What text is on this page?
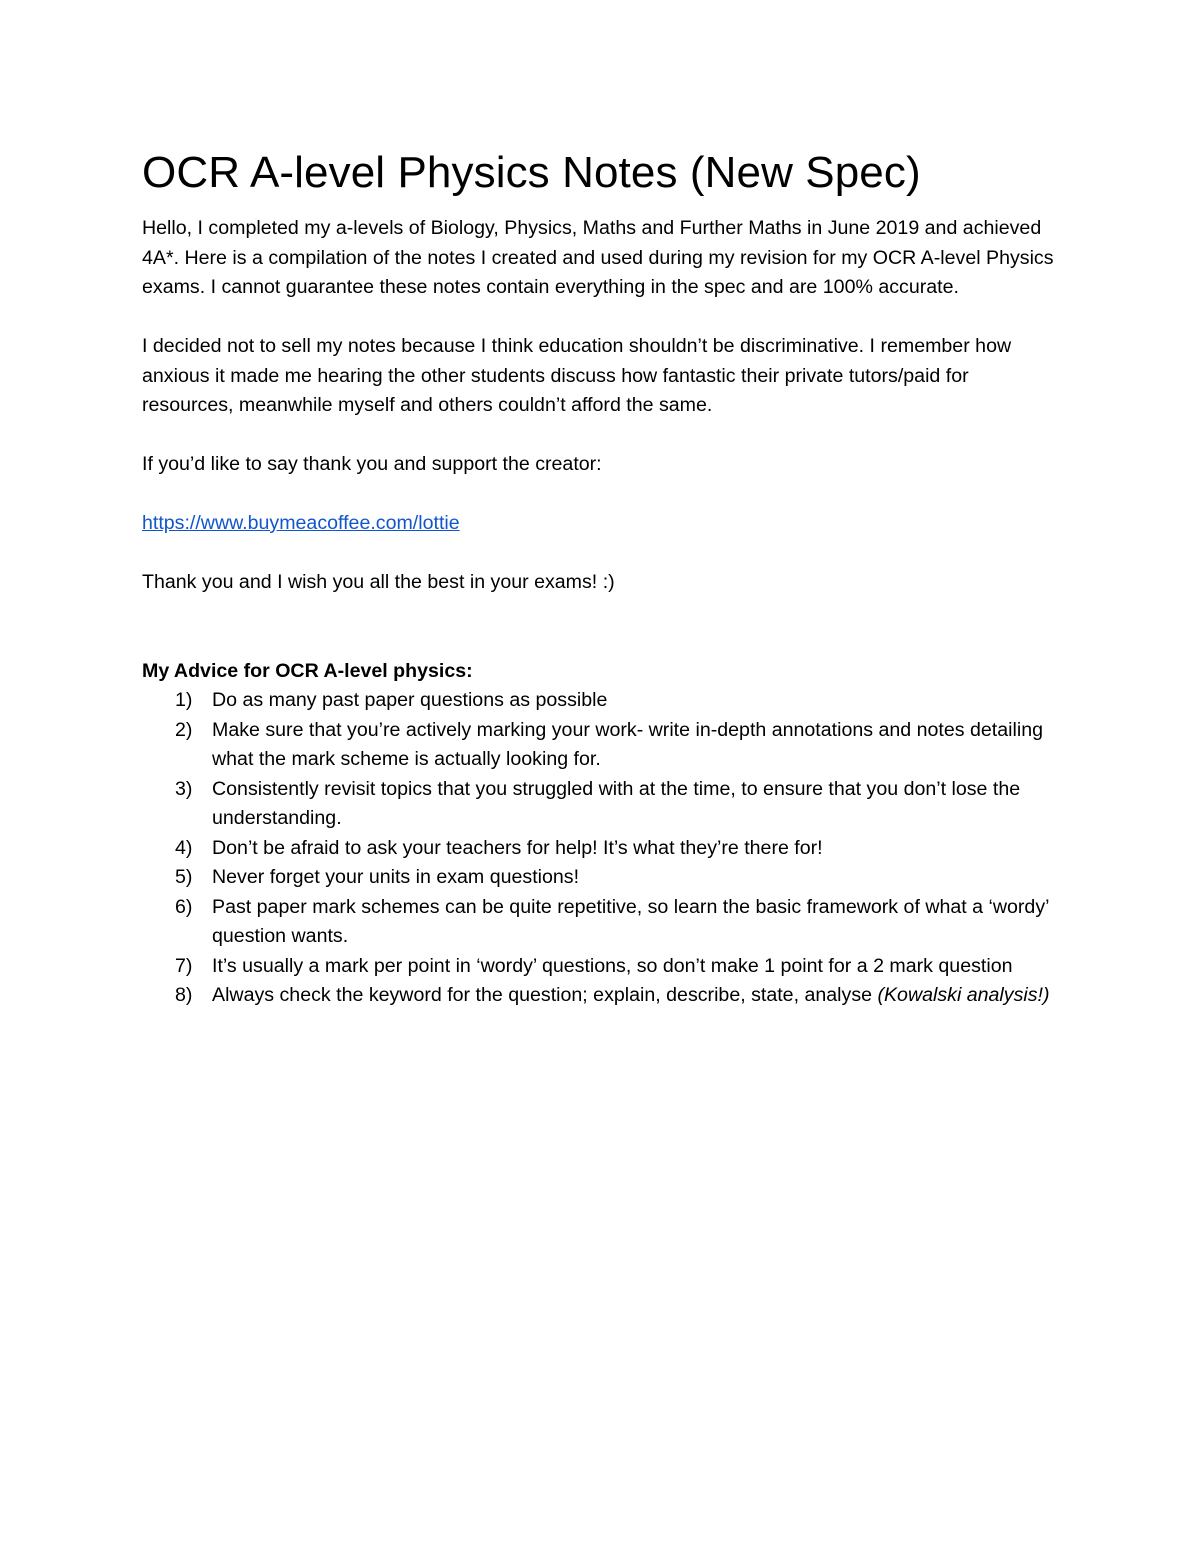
OCR A-level Physics Notes (New Spec)

Hello, I completed my a-levels of Biology, Physics, Maths and Further Maths in June 2019 and achieved 4A*. Here is a compilation of the notes I created and used during my revision for my OCR A-level Physics exams. I cannot guarantee these notes contain everything in the spec and are 100% accurate.

I decided not to sell my notes because I think education shouldn’t be discriminative. I remember how anxious it made me hearing the other students discuss how fantastic their private tutors/paid for resources, meanwhile myself and others couldn’t afford the same.

If you’d like to say thank you and support the creator:

https://www.buymeacoffee.com/lottie

Thank you and I wish you all the best in your exams! :)

My Advice for OCR A-level physics:

1) Do as many past paper questions as possible
2) Make sure that you’re actively marking your work- write in-depth annotations and notes detailing what the mark scheme is actually looking for.
3) Consistently revisit topics that you struggled with at the time, to ensure that you don’t lose the understanding.
4) Don’t be afraid to ask your teachers for help! It’s what they’re there for!
5) Never forget your units in exam questions!
6) Past paper mark schemes can be quite repetitive, so learn the basic framework of what a ‘wordy’ question wants.
7) It’s usually a mark per point in ‘wordy’ questions, so don’t make 1 point for a 2 mark question
8) Always check the keyword for the question; explain, describe, state, analyse (Kowalski analysis!)
